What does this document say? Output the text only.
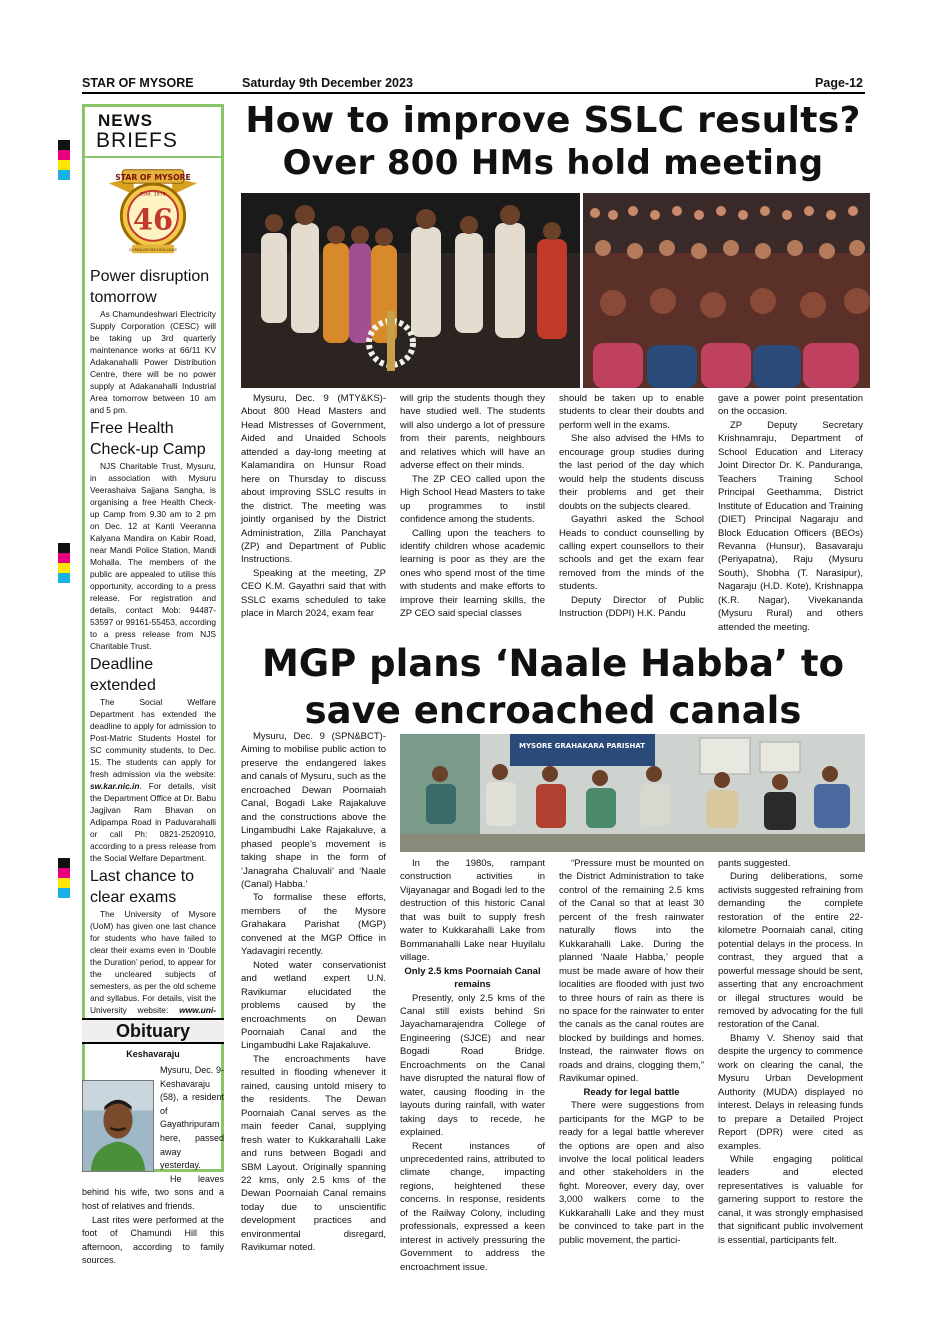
STAR OF MYSORE	Saturday 9th December 2023	Page-12
NEWS
BRIEFS
STAR OF MYSORE
Estd. 1978
46
JOURNALISM PAR EXCELLENCE
Power disruption tomorrow
As Chamundeshwari Electricity Supply Corporation (CESC) will be taking up 3rd quarterly maintenance works at 66/11 KV Adakanahalli Power Distribution Centre, there will be no power supply at Adakanahalli Industrial Area tomorrow between 10 am and 5 pm.
Free Health Check-up Camp
NJS Charitable Trust, Mysuru, in association with Mysuru Veerashaiva Sajjana Sangha, is organising a free Health Check-up Camp from 9.30 am to 2 pm on Dec. 12 at Kanti Veeranna Kalyana Mandira on Kabir Road, near Mandi Police Station, Mandi Mohalla. The members of the public are appealed to utilise this opportunity, according to a press release. For registration and details, contact Mob: 94487-53597 or 99161-55453, according to a press release from NJS Charitable Trust.
Deadline extended
The Social Welfare Department has extended the deadline to apply for admission to Post-Matric Students Hostel for SC community students, to Dec. 15. The students can apply for fresh admission via the website: sw.kar.nic.in. For details, visit the Department Office at Dr. Babu Jagjivan Ram Bhavan on Adipampa Road in Paduvarahalli or call Ph: 0821-2520910, according to a press release from the Social Welfare Department.
Last chance to clear exams
The University of Mysore (UoM) has given one last chance for students who have failed to clear their exams even in ‘Double the Duration’ period, to appear for the uncleared subjects of semesters, as per the old scheme and syllabus. For details, visit the University website: www.uni-
Obituary
Keshavaraju
Mysuru, Dec. 9- Keshavaraju (58), a resident of Gayathripuram here, passed away yesterday.
He leaves behind his wife, two sons and a host of relatives and friends.
Last rites were performed at the foot of Chamundi Hill this afternoon, according to family sources.
How to improve SSLC results?
Over 800 HMs hold meeting

Mysuru, Dec. 9 (MTY&KS)- About 800 Head Masters and Head Mistresses of Government, Aided and Unaided Schools attended a day-long meeting at Kalamandira on Hunsur Road here on Thursday to discuss about improving SSLC results in the district. The meeting was jointly organised by the District Administration, Zilla Panchayat (ZP) and Department of Public Instructions.

Speaking at the meeting, ZP CEO K.M. Gayathri said that with SSLC exams scheduled to take place in March 2024, exam fear

will grip the students though they have studied well. The students will also undergo a lot of pressure from their parents, neighbours and relatives which will have an adverse effect on their minds.

The ZP CEO called upon the High School Head Masters to take up programmes to instil confidence among the students.

Calling upon the teachers to identify children whose academic learning is poor as they are the ones who spend most of the time with students and make efforts to improve their learning skills, the ZP CEO said special classes

should be taken up to enable students to clear their doubts and perform well in the exams.

She also advised the HMs to encourage group studies during the last period of the day which would help the students discuss their problems and get their doubts on the subjects cleared.

Gayathri asked the School Heads to conduct counselling by calling expert counsellors to their schools and get the exam fear removed from the minds of the students.

Deputy Director of Public Instruction (DDPI) H.K. Pandu

gave a power point presentation on the occasion.

ZP Deputy Secretary Krishnamraju, Department of School Education and Literacy Joint Director Dr. K. Panduranga, Teachers Training School Principal Geethamma, District Institute of Education and Training (DIET) Principal Nagaraju and Block Education Officers (BEOs) Revanna (Hunsur), Basavaraju (Periyapatna), Raju (Mysuru South), Shobha (T. Narasipur), Nagaraju (H.D. Kote), Krishnappa (K.R. Nagar), Vivekananda (Mysuru Rural) and others attended the meeting.

MGP plans ‘Naale Habba’ to
save encroached canals
MYSORE GRAHAKARA PARISHAT

Mysuru, Dec. 9 (SPN&BCT)- Aiming to mobilise public action to preserve the endangered lakes and canals of Mysuru, such as the encroached Dewan Poornaiah Canal, Bogadi Lake Rajakaluve and the constructions above the Lingambudhi Lake Rajakaluve, a phased people’s movement is taking shape in the form of ‘Janagraha Chaluvali’ and ‘Naale (Canal) Habba.’

To formalise these efforts, members of the Mysore Grahakara Parishat (MGP) convened at the MGP Office in Yadavagiri recently.

Noted water conservationist and wetland expert U.N. Ravikumar elucidated the problems caused by the encroachments on Dewan Poornaiah Canal and the Lingambudhi Lake Rajakaluve.

The encroachments have resulted in flooding whenever it rained, causing untold misery to the residents. The Dewan Poornaiah Canal serves as the main feeder Canal, supplying fresh water to Kukkarahalli Lake and runs between Bogadi and SBM Layout. Originally spanning 22 kms, only 2.5 kms of the Dewan Poornaiah Canal remains today due to unscientific development practices and environmental disregard, Ravikumar noted.

In the 1980s, rampant construction activities in Vijayanagar and Bogadi led to the destruction of this historic Canal that was built to supply fresh water to Kukkarahalli Lake from Bommanahalli Lake near Huyilalu village.

Only 2.5 kms Poornaiah Canal remains

Presently, only 2.5 kms of the Canal still exists behind Sri Jayachamarajendra College of Engineering (SJCE) and near Bogadi Road Bridge. Encroachments on the Canal have disrupted the natural flow of water, causing flooding in the layouts during rainfall, with water taking days to recede, he explained.

Recent instances of unprecedented rains, attributed to climate change, impacting regions, heightened these concerns. In response, residents of the Railway Colony, including professionals, expressed a keen interest in actively pressuring the Government to address the encroachment issue.

“Pressure must be mounted on the District Administration to take control of the remaining 2.5 kms of the Canal so that at least 30 percent of the fresh rainwater naturally flows into the Kukkarahalli Lake. During the planned ‘Naale Habba,’ people must be made aware of how their localities are flooded with just two to three hours of rain as there is no space for the rainwater to enter the canals as the canal routes are blocked by buildings and homes. Instead, the rainwater flows on roads and drains, clogging them,” Ravikumar opined.

Ready for legal battle

There were suggestions from participants for the MGP to be ready for a legal battle wherever the options are open and also involve the local political leaders and other stakeholders in the fight. Moreover, every day, over 3,000 walkers come to the Kukkarahalli Lake and they must be convinced to take part in the public movement, the partici-

pants suggested.

During deliberations, some activists suggested refraining from demanding the complete restoration of the entire 22-kilometre Poornaiah canal, citing potential delays in the process. In contrast, they argued that a powerful message should be sent, asserting that any encroachment or illegal structures would be removed by advocating for the full restoration of the Canal.

Bhamy V. Shenoy said that despite the urgency to commence work on clearing the canal, the Mysuru Urban Development Authority (MUDA) displayed no interest. Delays in releasing funds to prepare a Detailed Project Report (DPR) were cited as examples.

While engaging political leaders and elected representatives is valuable for garnering support to restore the canal, it was strongly emphasised that significant public involvement is essential, participants felt.
